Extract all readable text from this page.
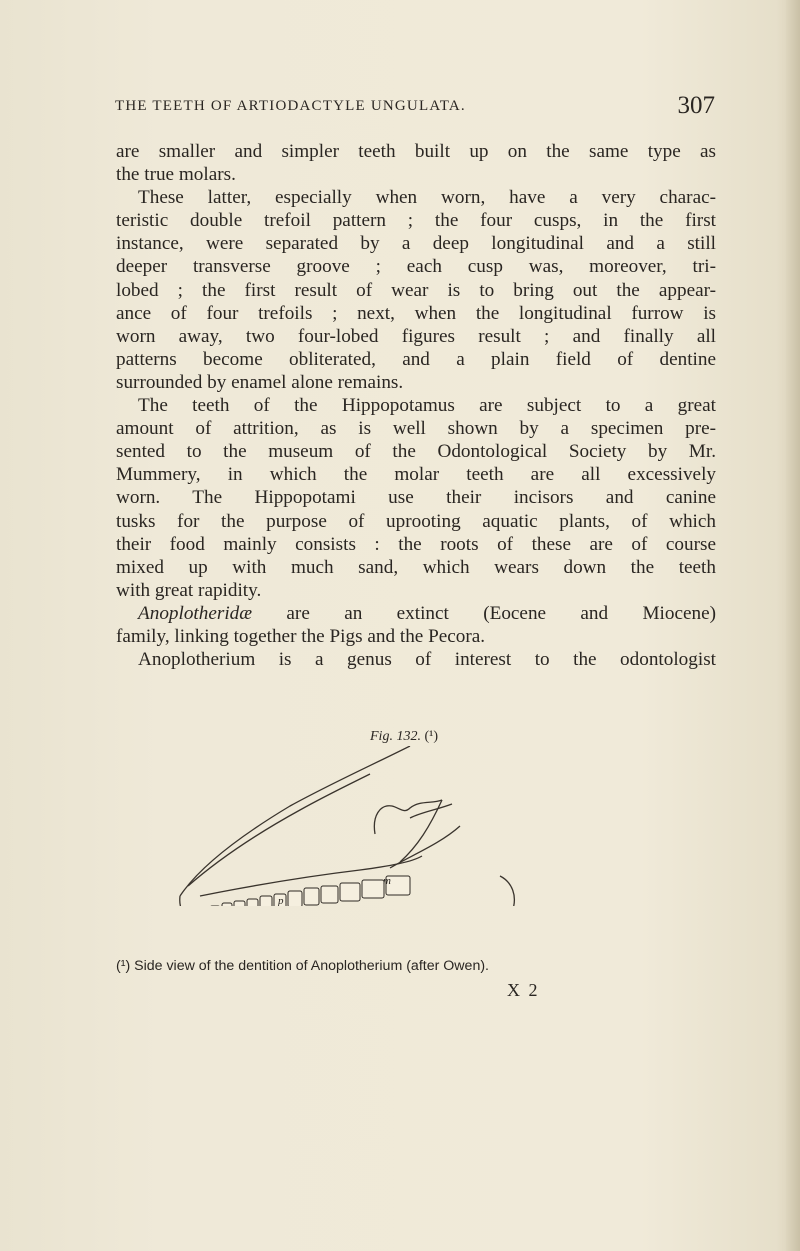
THE TEETH OF ARTIODACTYLE UNGULATA.	307

are smaller and simpler teeth built up on the same type as
the true molars.

These latter, especially when worn, have a very charac-
teristic double trefoil pattern ; the four cusps, in the first
instance, were separated by a deep longitudinal and a still
deeper transverse groove ; each cusp was, moreover, tri-
lobed ; the first result of wear is to bring out the appear-
ance of four trefoils ; next, when the longitudinal furrow is
worn away, two four-lobed figures result ; and finally all
patterns become obliterated, and a plain field of dentine
surrounded by enamel alone remains.

The teeth of the Hippopotamus are subject to a great
amount of attrition, as is well shown by a specimen pre-
sented to the museum of the Odontological Society by Mr.
Mummery, in which the molar teeth are all excessively
worn. The Hippopotami use their incisors and canine
tusks for the purpose of uprooting aquatic plants, of which
their food mainly consists : the roots of these are of course
mixed up with much sand, which wears down the teeth
with great rapidity.

Anoplotheridæ are an extinct (Eocene and Miocene)
family, linking together the Pigs and the Pecora.

Anoplotherium is a genus of interest to the odontologist

Fig. 132. (¹)
p
m
(¹) Side view of the dentition of Anoplotherium (after Owen).
X 2
